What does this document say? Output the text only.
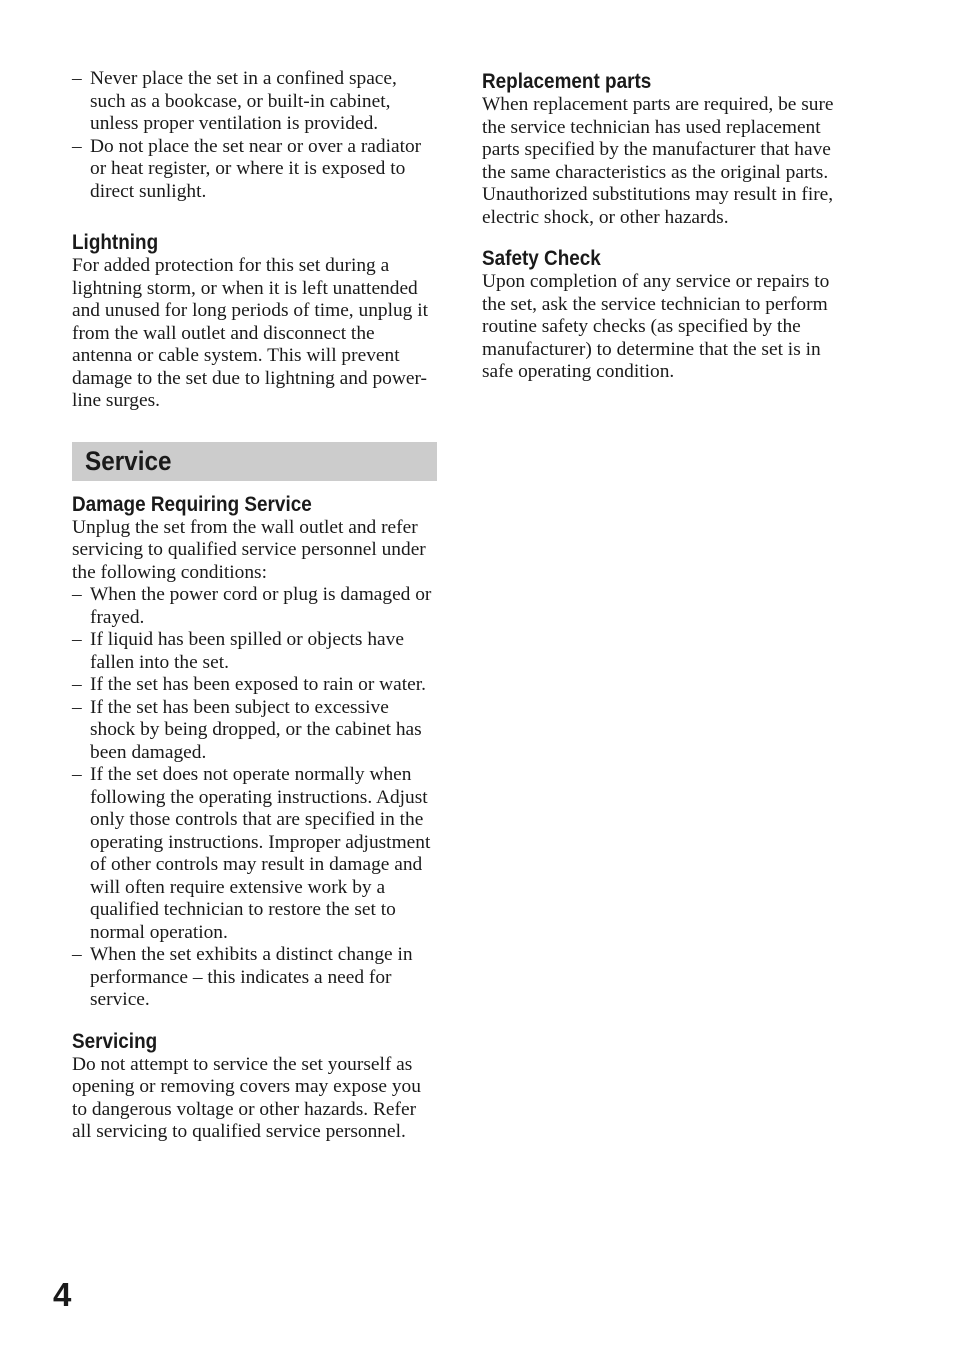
– Never place the set in a confined space, such as a bookcase, or built-in cabinet, unless proper ventilation is provided.
– Do not place the set near or over a radiator or heat register, or where it is exposed to direct sunlight.
Lightning

For added protection for this set during a lightning storm, or when it is left unattended and unused for long periods of time, unplug it from the wall outlet and disconnect the antenna or cable system. This will prevent damage to the set due to lightning and power-line surges.

Service
Damage Requiring Service

Unplug the set from the wall outlet and refer servicing to qualified service personnel under the following conditions:

– When the power cord or plug is damaged or frayed.
– If liquid has been spilled or objects have fallen into the set.
– If the set has been exposed to rain or water.
– If the set has been subject to excessive shock by being dropped, or the cabinet has been damaged.
– If the set does not operate normally when following the operating instructions. Adjust only those controls that are specified in the operating instructions. Improper adjustment of other controls may result in damage and will often require extensive work by a qualified technician to restore the set to normal operation.
– When the set exhibits a distinct change in performance – this indicates a need for service.
Servicing

Do not attempt to service the set yourself as opening or removing covers may expose you to dangerous voltage or other hazards. Refer all servicing to qualified service personnel.

Replacement parts

When replacement parts are required, be sure the service technician has used replacement parts specified by the manufacturer that have the same characteristics as the original parts. Unauthorized substitutions may result in fire, electric shock, or other hazards.

Safety Check

Upon completion of any service or repairs to the set, ask the service technician to perform routine safety checks (as specified by the manufacturer) to determine that the set is in safe operating condition.

4
